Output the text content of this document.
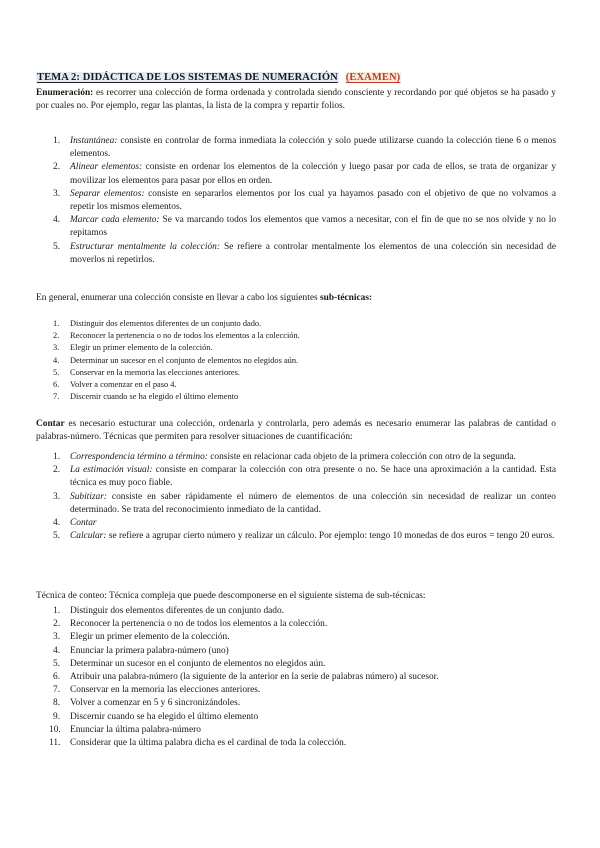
TEMA 2: DIDÁCTICA DE LOS SISTEMAS DE NUMERACIÓN (EXAMEN)

Enumeración: es recorrer una colección de forma ordenada y controlada siendo consciente y recordando por qué objetos se ha pasado y por cuales no. Por ejemplo, regar las plantas, la lista de la compra y repartir folios.

1. Instantánea: consiste en controlar de forma inmediata la colección y solo puede utilizarse cuando la colección tiene 6 o menos elementos.
2. Alinear elementos: consiste en ordenar los elementos de la colección y luego pasar por cada de ellos, se trata de organizar y movilizar los elementos para pasar por ellos en orden.
3. Separar elementos: consiste en separarlos elementos por los cual ya hayamos pasado con el objetivo de que no volvamos a repetir los mismos elementos.
4. Marcar cada elemento: Se va marcando todos los elementos que vamos a necesitar, con el fin de que no se nos olvide y no lo repitamos
5. Estructurar mentalmente la colección: Se refiere a controlar mentalmente los elementos de una colección sin necesidad de moverlos ni repetirlos.

En general, enumerar una colección consiste en llevar a cabo los siguientes sub-técnicas:

1. Distinguir dos elementos diferentes de un conjunto dado.
2. Reconocer la pertenencia o no de todos los elementos a la colección.
3. Elegir un primer elemento de la colección.
4. Determinar un sucesor en el conjunto de elementos no elegidos aún.
5. Conservar en la memoria las elecciones anteriores.
6. Volver a comenzar en el paso 4.
7. Discernir cuando se ha elegido el último elemento

Contar es necesario estucturar una colección, ordenarla y controlarla, pero además es necesario enumerar las palabras de cantidad o palabras-número. Técnicas que permiten para resolver situaciones de cuantificación:

1. Correspondencia término a término: consiste en relacionar cada objeto de la primera colección con otro de la segunda.
2. La estimación visual: consiste en comparar la colección con otra presente o no. Se hace una aproximación a la cantidad. Esta técnica es muy poco fiable.
3. Subitizar: consiste en saber rápidamente el número de elementos de una colección sin necesidad de realizar un conteo determinado. Se trata del reconocimiento inmediato de la cantidad.
4. Contar
5. Calcular: se refiere a agrupar cierto número y realizar un cálculo. Por ejemplo: tengo 10 monedas de dos euros = tengo 20 euros.

Técnica de conteo: Técnica compleja que puede descomponerse en el siguiente sistema de sub-técnicas:

1. Distinguir dos elementos diferentes de un conjunto dado.
2. Reconocer la pertenencia o no de todos los elementos a la colección.
3. Elegir un primer elemento de la colección.
4. Enunciar la primera palabra-número (uno)
5. Determinar un sucesor en el conjunto de elementos no elegidos aún.
6. Atribuir una palabra-número (la siguiente de la anterior en la serie de palabras número) al sucesor.
7. Conservar en la memoria las elecciones anteriores.
8. Volver a comenzar en 5 y 6 sincronizándoles.
9. Discernir cuando se ha elegido el último elemento
10. Enunciar la última palabra-número
11. Considerar que la última palabra dicha es el cardinal de toda la colección.
